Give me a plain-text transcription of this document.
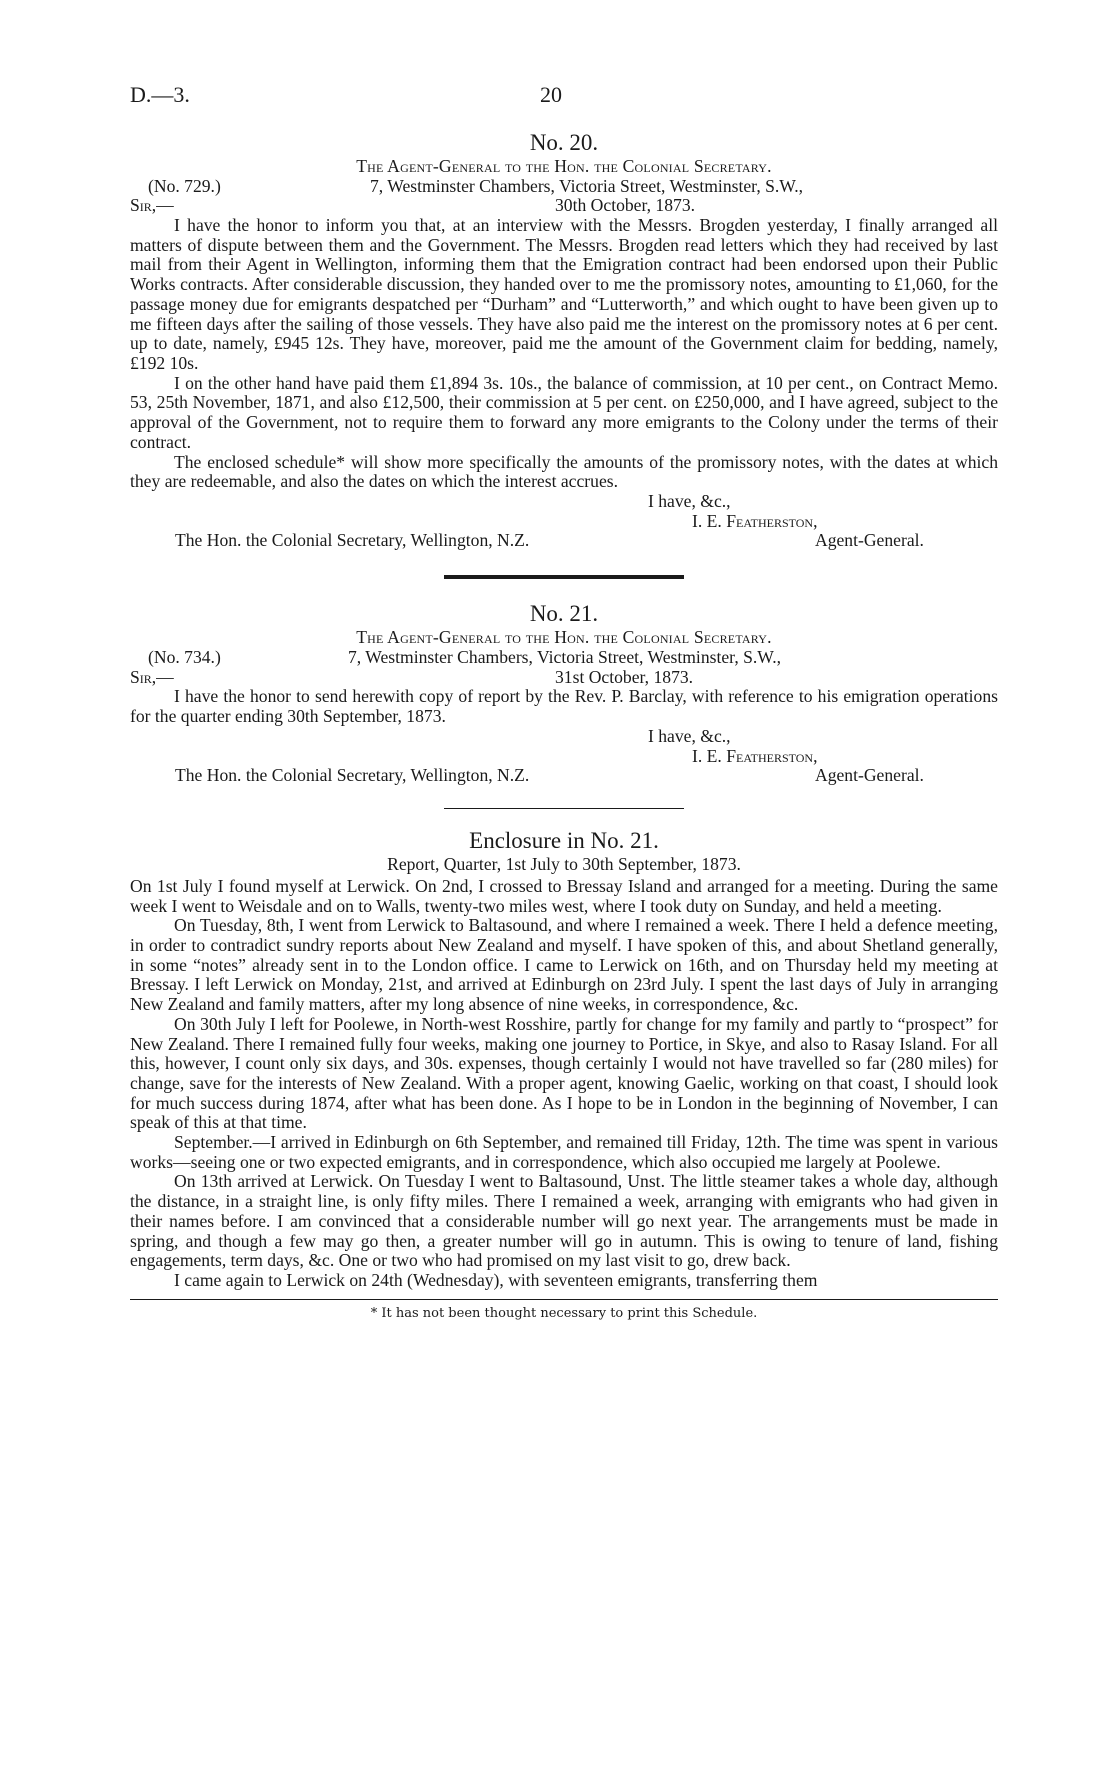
D.—3.	20
No. 20.
The Agent-General to the Hon. the Colonial Secretary.
(No. 729.)	7, Westminster Chambers, Victoria Street, Westminster, S.W.,
Sir,—	30th October, 1873.

I have the honor to inform you that, at an interview with the Messrs. Brogden yesterday, I finally arranged all matters of dispute between them and the Government. The Messrs. Brogden read letters which they had received by last mail from their Agent in Wellington, informing them that the Emigration contract had been endorsed upon their Public Works contracts. After considerable discussion, they handed over to me the promissory notes, amounting to £1,060, for the passage money due for emigrants despatched per “Durham” and “Lutterworth,” and which ought to have been given up to me fifteen days after the sailing of those vessels. They have also paid me the interest on the promissory notes at 6 per cent. up to date, namely, £945 12s. They have, moreover, paid me the amount of the Government claim for bedding, namely, £192 10s.

I on the other hand have paid them £1,894 3s. 10s., the balance of commission, at 10 per cent., on Contract Memo. 53, 25th November, 1871, and also £12,500, their commission at 5 per cent. on £250,000, and I have agreed, subject to the approval of the Government, not to require them to forward any more emigrants to the Colony under the terms of their contract.

The enclosed schedule* will show more specifically the amounts of the promissory notes, with the dates at which they are redeemable, and also the dates on which the interest accrues.

I have, &c.,
I. E. Featherston,
The Hon. the Colonial Secretary, Wellington, N.Z.	Agent-General.
No. 21.
The Agent-General to the Hon. the Colonial Secretary.
(No. 734.)	7, Westminster Chambers, Victoria Street, Westminster, S.W.,
Sir,—	31st October, 1873.

I have the honor to send herewith copy of report by the Rev. P. Barclay, with reference to his emigration operations for the quarter ending 30th September, 1873.

I have, &c.,
I. E. Featherston,
The Hon. the Colonial Secretary, Wellington, N.Z.	Agent-General.
Enclosure in No. 21.
Report, Quarter, 1st July to 30th September, 1873.

On 1st July I found myself at Lerwick. On 2nd, I crossed to Bressay Island and arranged for a meeting. During the same week I went to Weisdale and on to Walls, twenty-two miles west, where I took duty on Sunday, and held a meeting.

On Tuesday, 8th, I went from Lerwick to Baltasound, and where I remained a week. There I held a defence meeting, in order to contradict sundry reports about New Zealand and myself. I have spoken of this, and about Shetland generally, in some “notes” already sent in to the London office. I came to Lerwick on 16th, and on Thursday held my meeting at Bressay. I left Lerwick on Monday, 21st, and arrived at Edinburgh on 23rd July. I spent the last days of July in arranging New Zealand and family matters, after my long absence of nine weeks, in correspondence, &c.

On 30th July I left for Poolewe, in North-west Rosshire, partly for change for my family and partly to “prospect” for New Zealand. There I remained fully four weeks, making one journey to Portice, in Skye, and also to Rasay Island. For all this, however, I count only six days, and 30s. expenses, though certainly I would not have travelled so far (280 miles) for change, save for the interests of New Zealand. With a proper agent, knowing Gaelic, working on that coast, I should look for much success during 1874, after what has been done. As I hope to be in London in the beginning of November, I can speak of this at that time.

September.—I arrived in Edinburgh on 6th September, and remained till Friday, 12th. The time was spent in various works—seeing one or two expected emigrants, and in correspondence, which also occupied me largely at Poolewe.

On 13th arrived at Lerwick. On Tuesday I went to Baltasound, Unst. The little steamer takes a whole day, although the distance, in a straight line, is only fifty miles. There I remained a week, arranging with emigrants who had given in their names before. I am convinced that a considerable number will go next year. The arrangements must be made in spring, and though a few may go then, a greater number will go in autumn. This is owing to tenure of land, fishing engagements, term days, &c. One or two who had promised on my last visit to go, drew back.

I came again to Lerwick on 24th (Wednesday), with seventeen emigrants, transferring them

* It has not been thought necessary to print this Schedule.
